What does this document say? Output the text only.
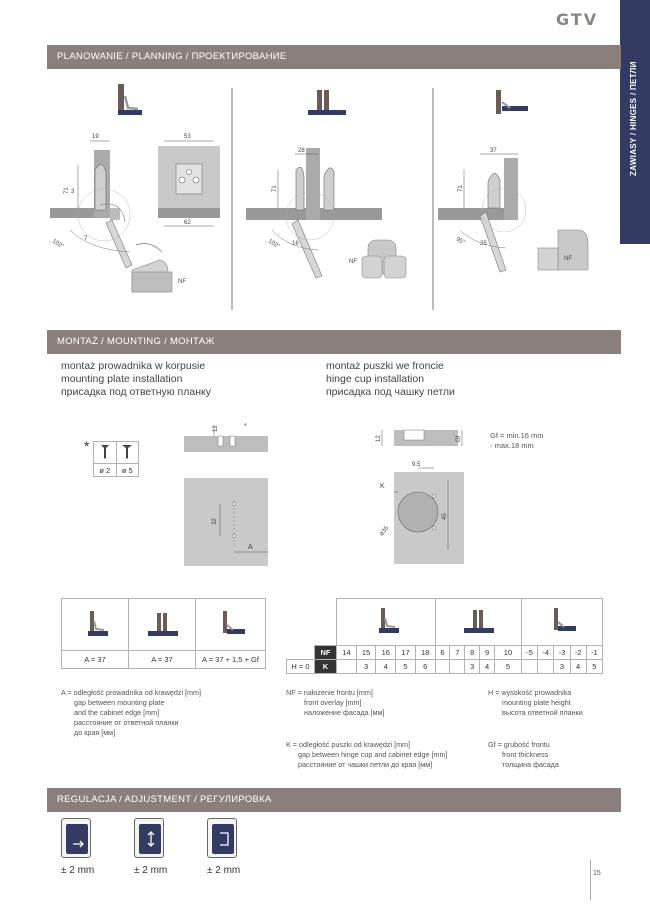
GTV
ZAWIASY / HINGES / ПЕТЛИ
PLANOWANIE / PLANNING / ПРОЕКТИРОВАНИЕ
19
3
71
7
102°
53
62
NF
28
71
16
102°
NF
37
71
25
95°
NF
MONTAŻ / MOUNTING / МОНТАЖ
montaż prowadnika w korpusie
mounting plate installation
присадка под ответную планку
montaż puszki we froncie
hinge cup installation
присадка под чашку петли
*

ø 2	ø 5
12	*
32
A
12	Gf
9.5
K
ø35
45
Gf = min.16 mm
- max.18 mm

A = 37	A = 37	A = 37 + 1,5 + Gf

	NF	14	15	16	17	18	6	7	8	9	10	-5	-4	-3	-2	-1
H = 0	K		3	4	5	6			3	4	5			3	4	5
A = odległość prowadnika od krawędzi [mm]
gap between mounting plate
and the cabinet edge [mm]
расстояние от ответной планки
до края [мм]
NF = nałożenie frontu [mm]
front overlay [mm]
наложение фасада [мм]
H = wysokość prowadnika
mounting plate height
высота ответной планки
K = odległość puszki od krawędzi [mm]
gap between hinge cup and cabinet edge [mm]
расстояние от чашки петли до края [мм]
Gf = grubość frontu
front thickness
толщина фасада
REGULACJA / ADJUSTMENT / РЕГУЛИРОВКА
± 2 mm	± 2 mm	± 2 mm	15
